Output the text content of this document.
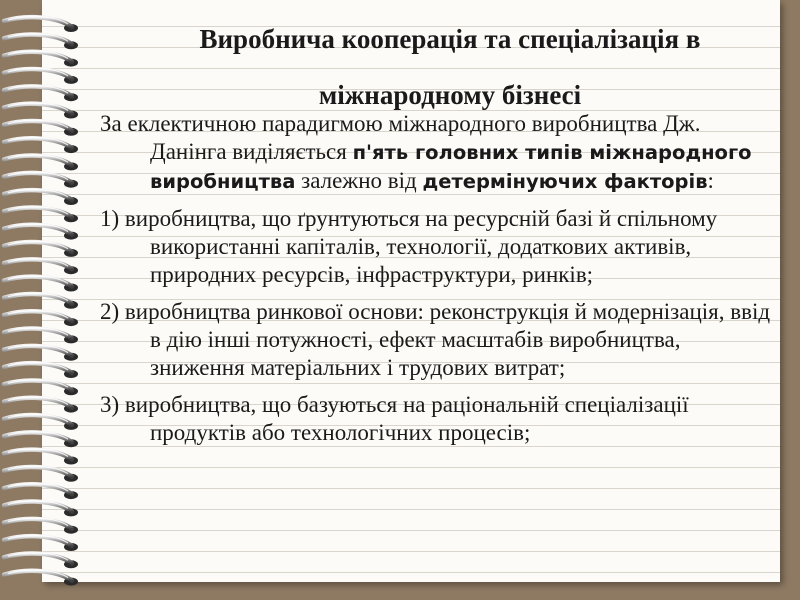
Виробнича кооперація та спеціалізація в
міжнародному бізнесі

За еклектичною парадигмою міжнародного виробництва Дж. Данінга виділяється п'ять головних типів міжнародного виробництва залежно від детермінуючих факторів:

1) виробництва, що ґрунтуються на ресурсній базі й спільному використанні капіталів, технології, додаткових активів, природних ресурсів, інфраструктури, ринків;

2) виробництва ринкової основи: реконструкція й модернізація, ввід в дію інші потужності, ефект масштабів виробництва, зниження матеріальних і трудових витрат;

3) виробництва, що базуються на раціональній спеціалізації продуктів або технологічних процесів;
